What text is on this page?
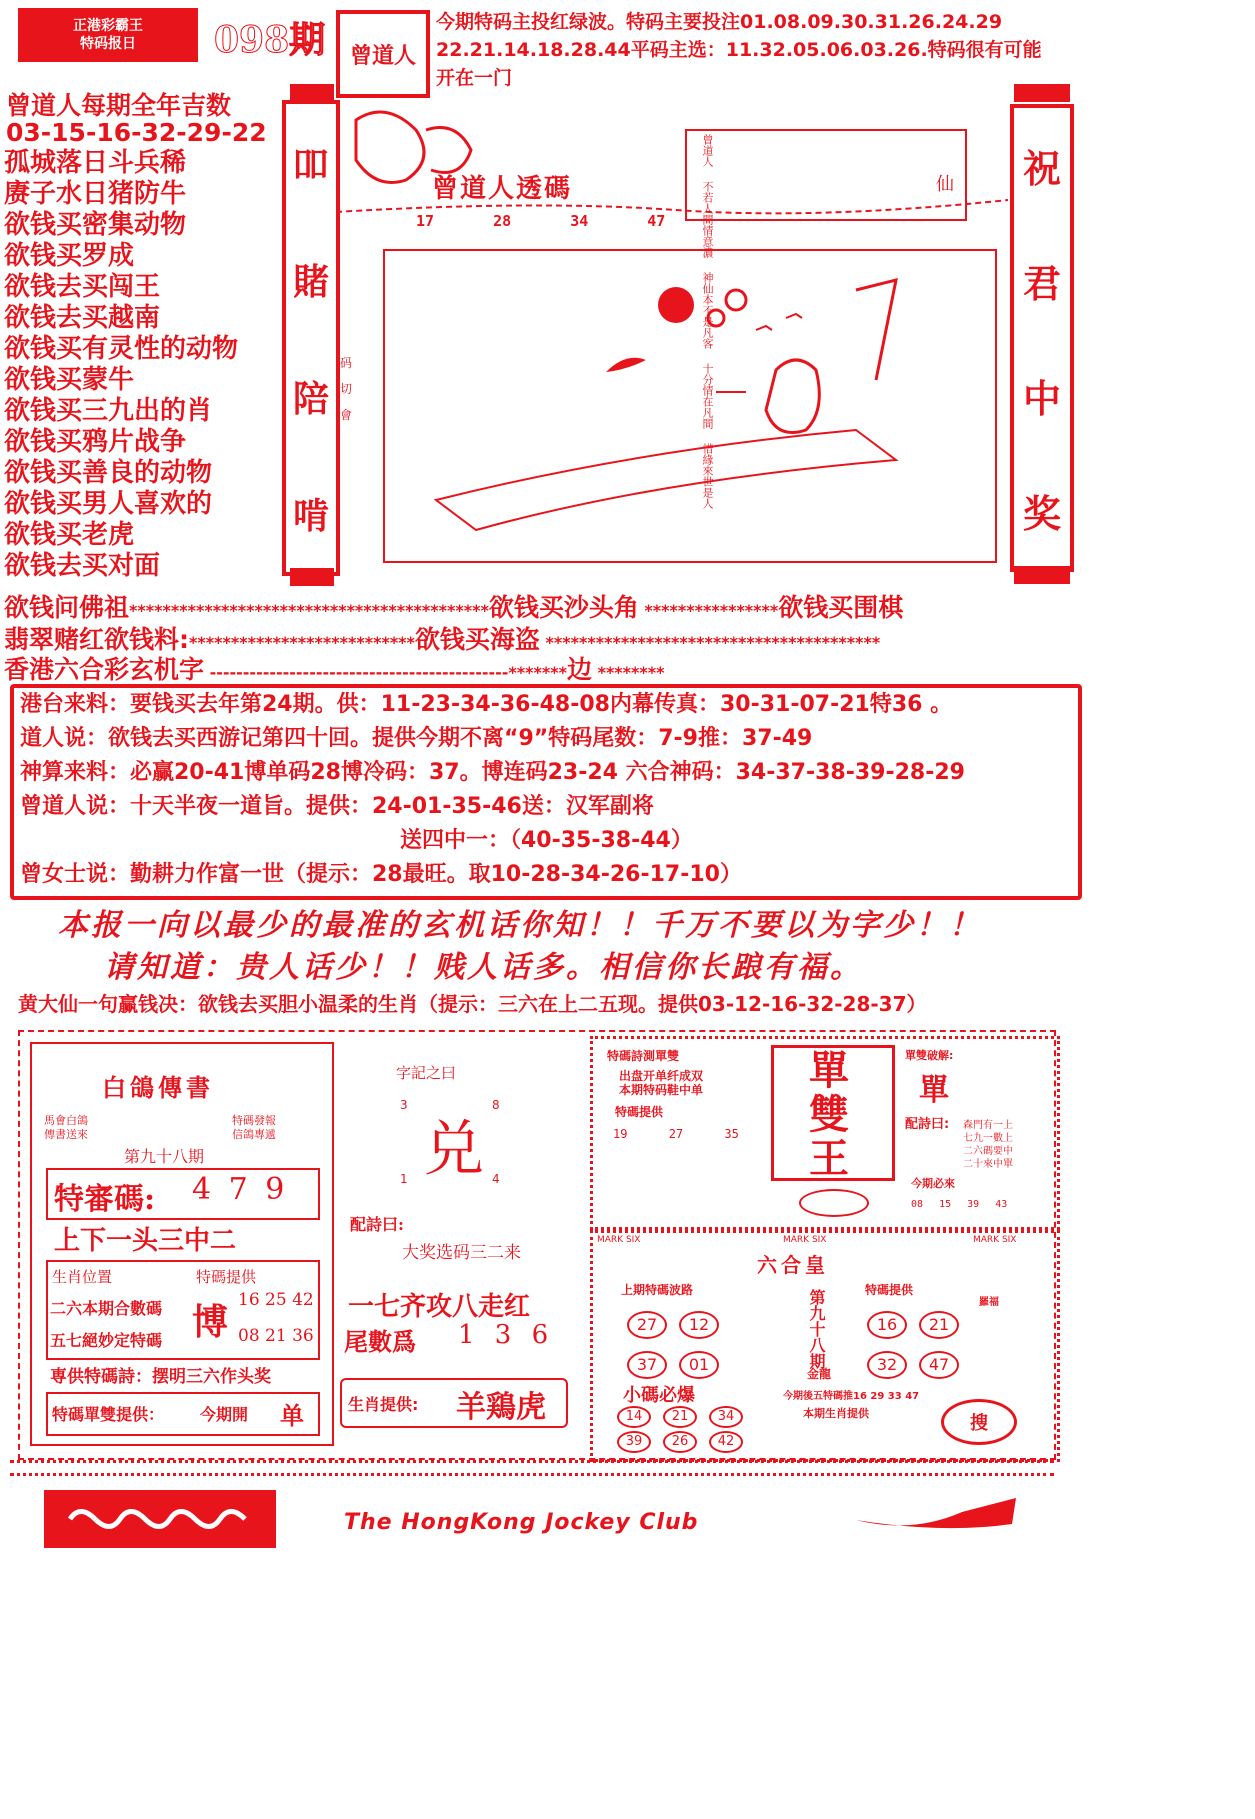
正港彩霸王
特码报日 098期 曾道人
今期特码主投红绿波。特码主要投注01.08.09.30.31.26.24.29
22.21.14.18.28.44平码主选：11.32.05.06.03.26.特码很有可能
开在一门
曾道人每期全年吉数
03-15-16-32-29-22
孤城落日斗兵稀
赓子水日猪防牛
欲钱买密集动物
欲钱买罗成
欲钱去买闯王
欲钱去买越南
欲钱买有灵性的动物
欲钱买蒙牛
欲钱买三九出的肖
欲钱买鸦片战争
欲钱买善良的动物
欲钱买男人喜欢的
欲钱买老虎
欲钱去买对面
吅
賭
陪
啃
曾道人透碼
17	28	34	47
惜緣來世是人
十分情在凡間
神仙本不是凡客
不若人間情意濃
曾道人
仙
码
切
會
祝
君
中
奖
欲钱问佛祖*******************************************欲钱买沙头角 ****************欲钱买围棋
翡翠赌红欲钱料:***************************欲钱买海盗 ****************************************
香港六合彩玄机字 ---------------------------------------------*******边 ********
港台来料：要钱买去年第24期。供：11-23-34-36-48-08内幕传真：30-31-07-21特36 。
道人说：欲钱去买西游记第四十回。提供今期不离“9”特码尾数：7-9推：37-49
神算来料：必赢20-41博单码28博冷码：37。博连码23-24 六合神码：34-37-38-39-28-29
曾道人说：十天半夜一道旨。提供：24-01-35-46送：汉军副将
送四中一：（40-35-38-44）
曾女士说：勤耕力作富一世（提示：28最旺。取10-28-34-26-17-10）
本报一向以最少的最准的玄机话你知！！千万不要以为字少！！
请知道：贵人话少！！贱人话多。相信你长踉有福。
黄大仙一句赢钱决：欲钱去买胆小温柔的生肖（提示：三六在上二五现。提供03-12-16-32-28-37）
白鴿傳書
馬會白鴿
傳書送來
特碼發報
信鴿專遞
第九十八期
特審碼: 4 7 9
上下一头三中二
生肖位置
二六本期合數碼
五七絕妙定特碼
特碼提供
博
16 25 42
08 21 36
専供特碼詩：摆明三六作头奖
特碼單雙提供： 今期開 单
字記之曰
3	8
1	4
兑
配詩曰:
大奖选码三二来
一七齐攻八走红
尾數爲 1 3 6
生肖提供: 羊鶏虎
特碼詩測單雙
出盘开单纤成双
本期特码鞋中单
特碼提供
19	27	35
單
雙
王
單雙破解:
單
配詩曰: 森門有一上
七九一數上
二六碼要中
二十來中單
今期必來
08 15 39 43
MARK SIX	MARK SIX	MARK SIX
六合皇
上期特碼波路
27 12 37 01	第九十八期
金龍
特碼提供
16 21 32 47
羅福
今期後五特碼推16 29 33 47
小碼必爆
14 21 34 39 26 42
本期生肖提供	搜
The HongKong Jockey Club
